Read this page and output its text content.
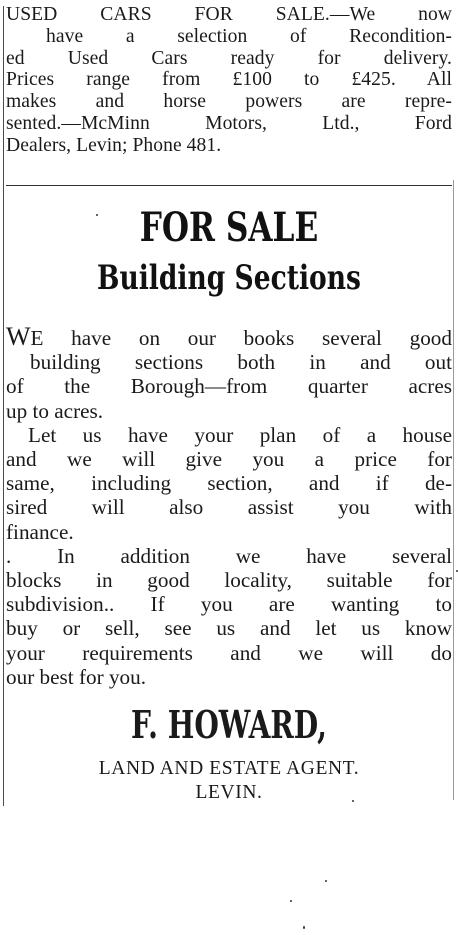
USED CARS FOR SALE.—We now

have a selection of Recondition-

ed Used Cars ready for delivery.

Prices range from £100 to £425. All

makes and horse powers are repre-

sented.—McMinn Motors, Ltd., Ford

Dealers, Levin; Phone 481.

FOR SALE
Building Sections

WE have on our books several good

building sections both in and out

of the Borough—from quarter acres

up to acres.

Let us have your plan of a house

and we will give you a price for

same, including section, and if de-

sired will also assist you with

finance.

. In addition we have several

blocks in good locality, suitable for

subdivision.. If you are wanting to

buy or sell, see us and let us know

your requirements and we will do

our best for you.

F. HOWARD,
LAND AND ESTATE AGENT.
LEVIN.
